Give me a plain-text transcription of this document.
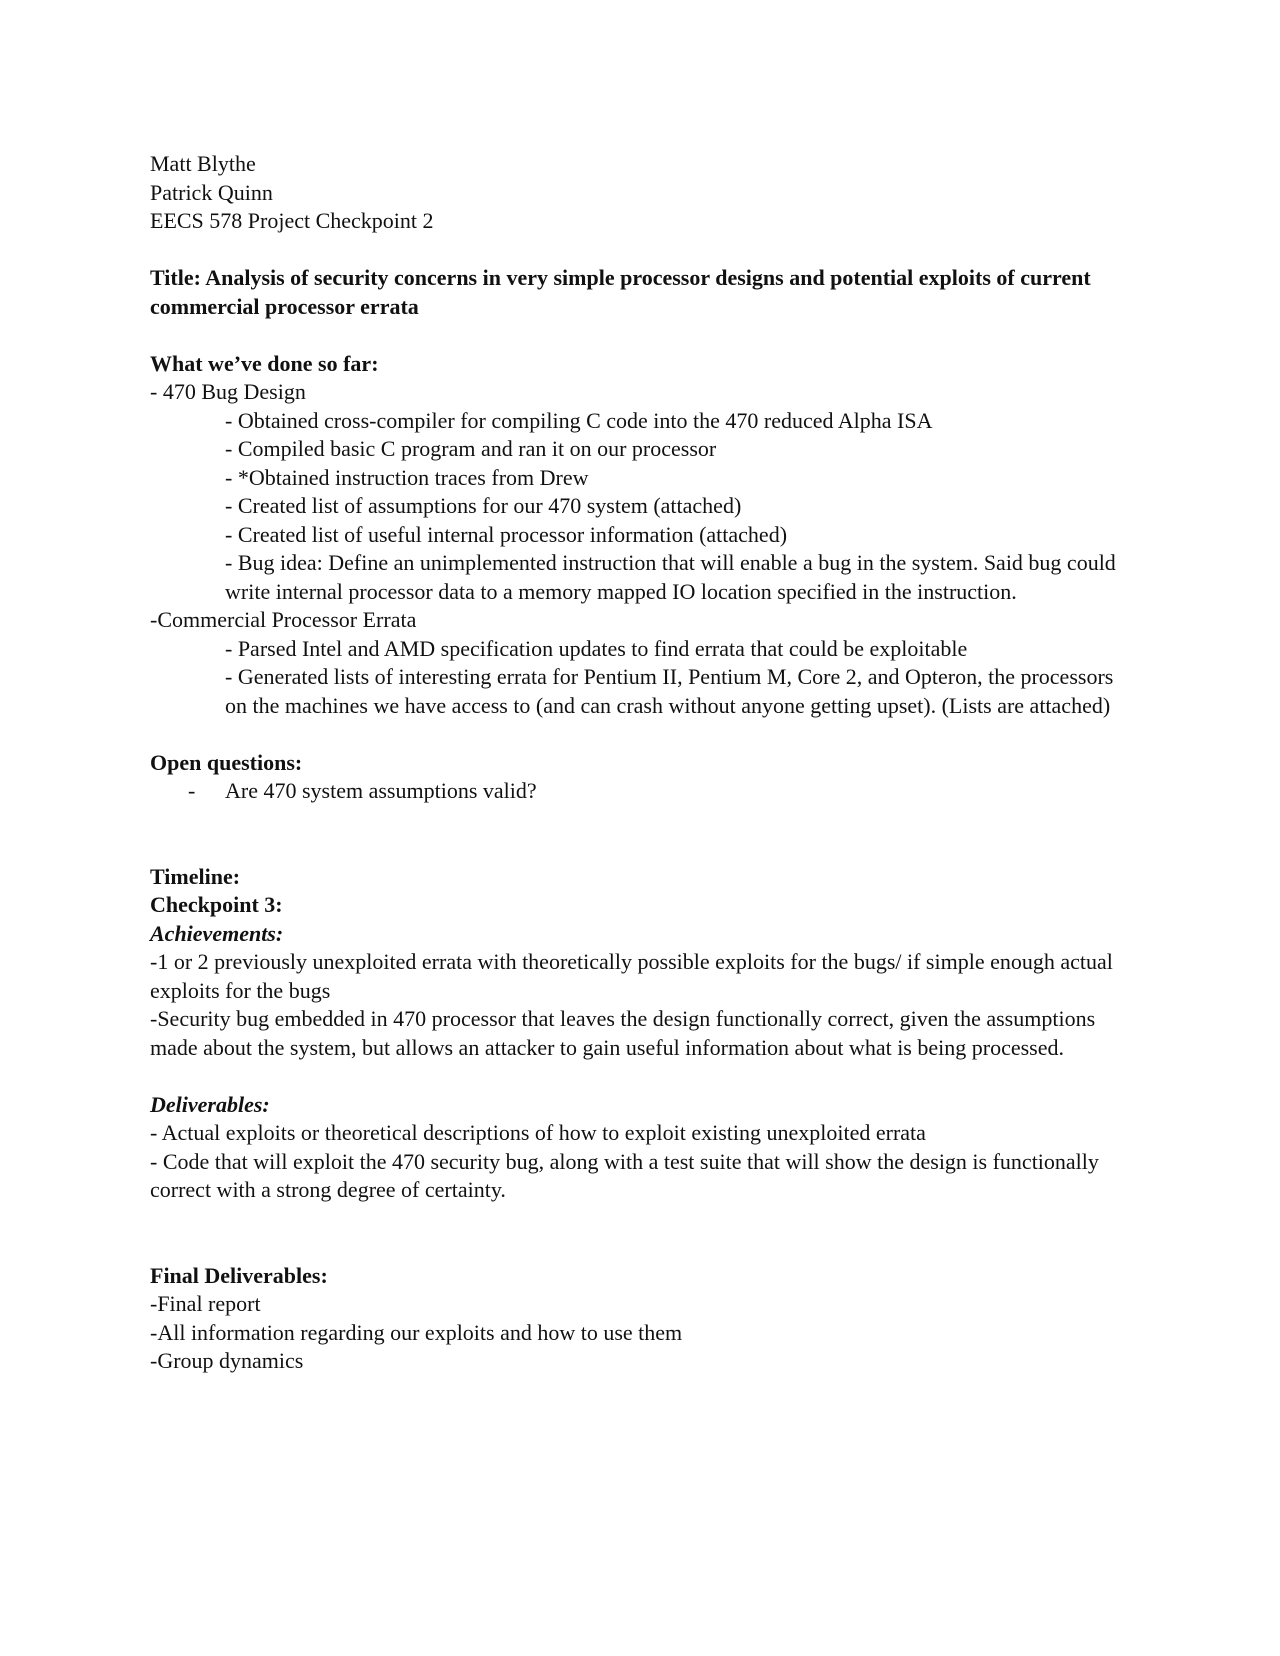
Matt Blythe
Patrick Quinn
EECS 578 Project Checkpoint 2
Title: Analysis of security concerns in very simple processor designs and potential exploits of current commercial processor errata
What we’ve done so far:
- 470 Bug Design
- Obtained cross-compiler for compiling C code into the 470 reduced Alpha ISA
- Compiled basic C program and ran it on our processor
- *Obtained instruction traces from Drew
- Created list of assumptions for our 470 system (attached)
- Created list of useful internal processor information (attached)
- Bug idea: Define an unimplemented instruction that will enable a bug in the system. Said bug could write internal processor data to a memory mapped IO location specified in the instruction.
-Commercial Processor Errata
- Parsed Intel and AMD specification updates to find errata that could be exploitable
- Generated lists of interesting errata for Pentium II, Pentium M, Core 2, and Opteron, the processors on the machines we have access to (and can crash without anyone getting upset). (Lists are attached)
Open questions:
-	Are 470 system assumptions valid?
Timeline:
Checkpoint 3:
Achievements:
-1 or 2 previously unexploited errata with theoretically possible exploits for the bugs/ if simple enough actual exploits for the bugs
-Security bug embedded in 470 processor that leaves the design functionally correct, given the assumptions made about the system, but allows an attacker to gain useful information about what is being processed.
Deliverables:
- Actual exploits or theoretical descriptions of how to exploit existing unexploited errata
- Code that will exploit the 470 security bug, along with a test suite that will show the design is functionally correct with a strong degree of certainty.
Final Deliverables:
-Final report
-All information regarding our exploits and how to use them
-Group dynamics
